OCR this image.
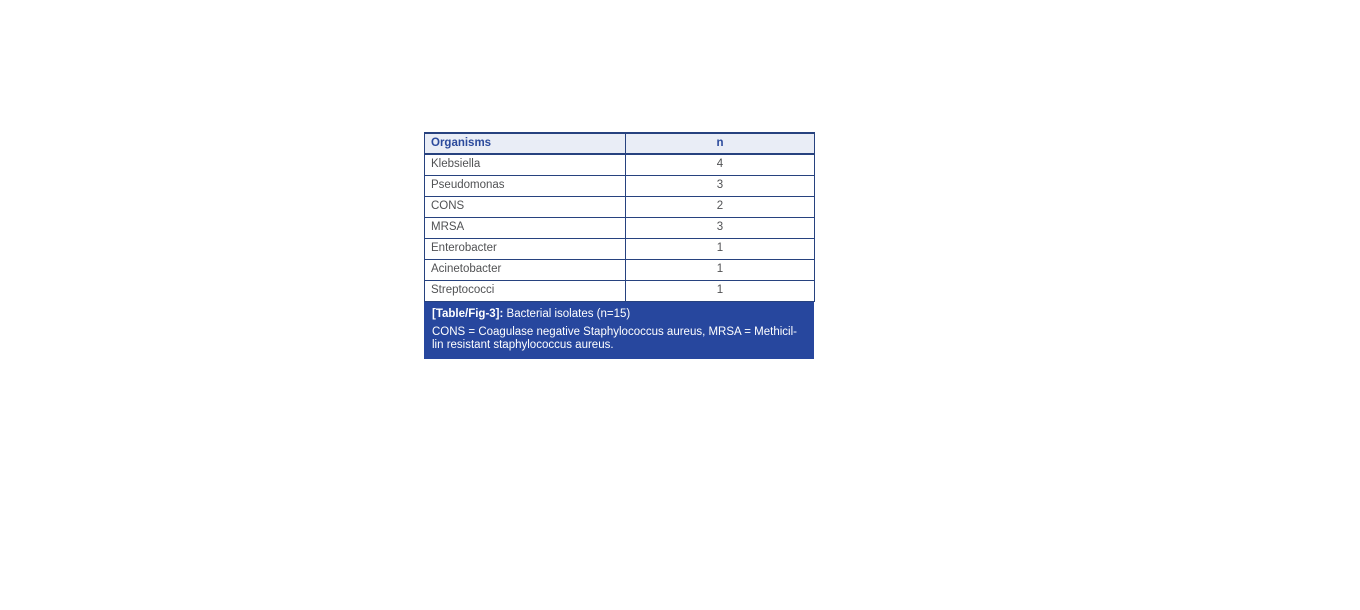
Organisms	n
Klebsiella	4
Pseudomonas	3
CONS	2
MRSA	3
Enterobacter	1
Acinetobacter	1
Streptococci	1
[Table/Fig-3]: Bacterial isolates (n=15)
CONS = Coagulase negative Staphylococcus aureus, MRSA = Methicil-
lin resistant staphylococcus aureus.
